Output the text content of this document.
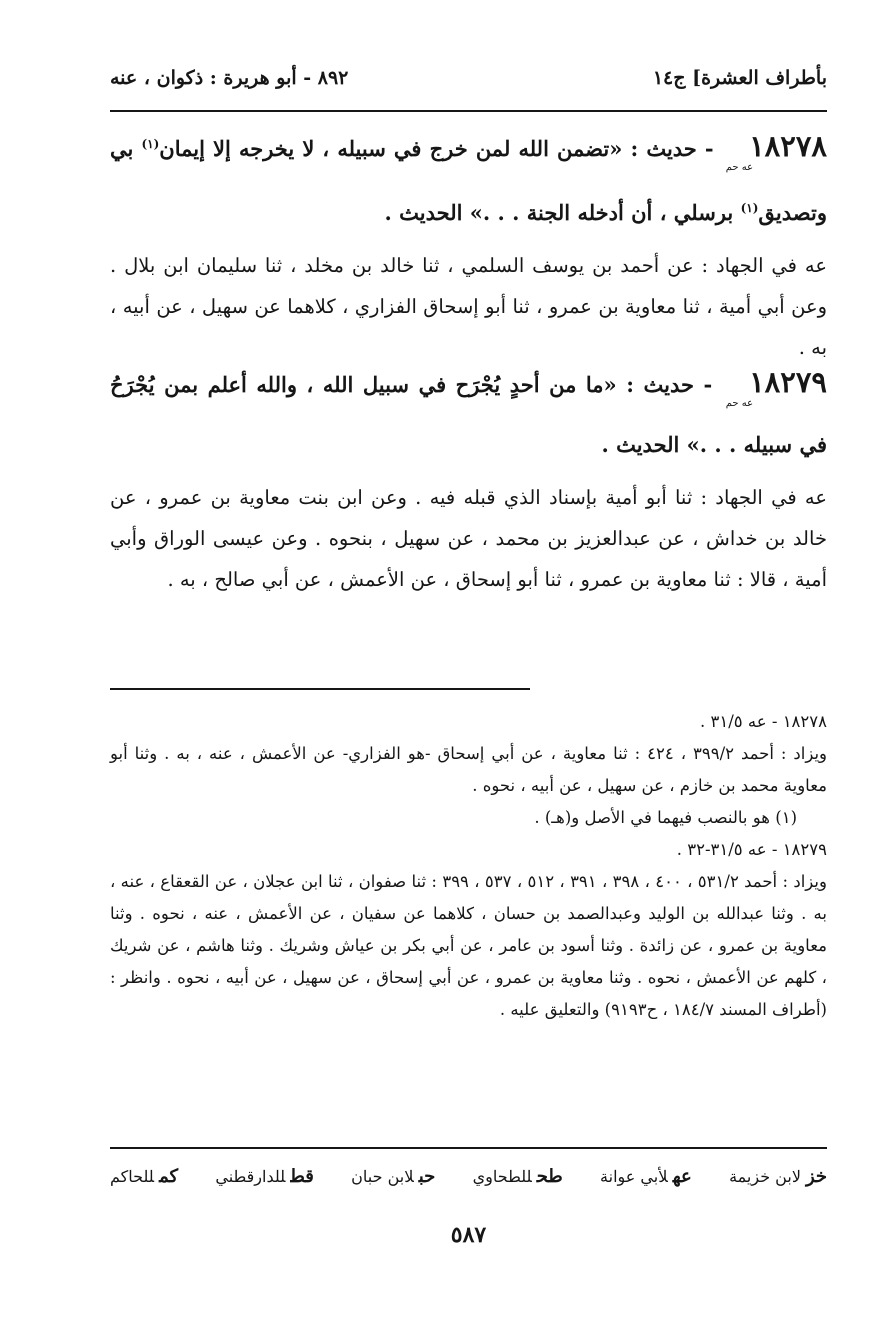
بأطراف العشرة] ج١٤
٨٩٢ - أبو هريرة : ذكوان ، عنه
١٨٢٧٨عه حم - حديث : «تضمن الله لمن خرج في سبيله ، لا يخرجه إلا إيمان$^{(١)}$ بي وتصديق$^{(١)}$ برسلي ، أن أدخله الجنة . . .» الحديث .
عه في الجهاد : عن أحمد بن يوسف السلمي ، ثنا خالد بن مخلد ، ثنا سليمان ابن بلال . وعن أبي أمية ، ثنا معاوية بن عمرو ، ثنا أبو إسحاق الفزاري ، كلاهما عن سهيل ، عن أبيه ، به .
١٨٢٧٩عه حم - حديث : «ما من أحدٍ يُجْرَح في سبيل الله ، والله أعلم بمن يُجْرَحُ في سبيله . . .» الحديث .
عه في الجهاد : ثنا أبو أمية بإسناد الذي قبله فيه . وعن ابن بنت معاوية بن عمرو ، عن خالد بن خداش ، عن عبدالعزيز بن محمد ، عن سهيل ، بنحوه . وعن عيسى الوراق وأبي أمية ، قالا : ثنا معاوية بن عمرو ، ثنا أبو إسحاق ، عن الأعمش ، عن أبي صالح ، به .

١٨٢٧٨ - عه ٣١/٥ .

ويزاد : أحمد ٣٩٩/٢ ، ٤٢٤ : ثنا معاوية ، عن أبي إسحاق -هو الفزاري- عن الأعمش ، عنه ، به . وثنا أبو معاوية محمد بن خازم ، عن سهيل ، عن أبيه ، نحوه .

(١) هو بالنصب فيهما في الأصل و(هـ) .

١٨٢٧٩ - عه ٣١/٥-٣٢ .

ويزاد : أحمد ٥٣١/٢ ، ٤٠٠ ، ٣٩٨ ، ٣٩١ ، ٥١٢ ، ٥٣٧ ، ٣٩٩ : ثنا صفوان ، ثنا ابن عجلان ، عن القعقاع ، عنه ، به . وثنا عبدالله بن الوليد وعبدالصمد بن حسان ، كلاهما عن سفيان ، عن الأعمش ، عنه ، نحوه . وثنا معاوية بن عمرو ، عن زائدة . وثنا أسود بن عامر ، عن أبي بكر بن عياش وشريك . وثنا هاشم ، عن شريك ، كلهم عن الأعمش ، نحوه . وثنا معاوية بن عمرو ، عن أبي إسحاق ، عن سهيل ، عن أبيه ، نحوه . وانظر : (أطراف المسند ١٨٤/٧ ، ح٩١٩٣) والتعليق عليه .

خزلابن خزيمة
عهلأبي عوانة
طحللطحاوي
حبلابن حبان
قطللدارقطني
كمللحاكم
٥٨٧
